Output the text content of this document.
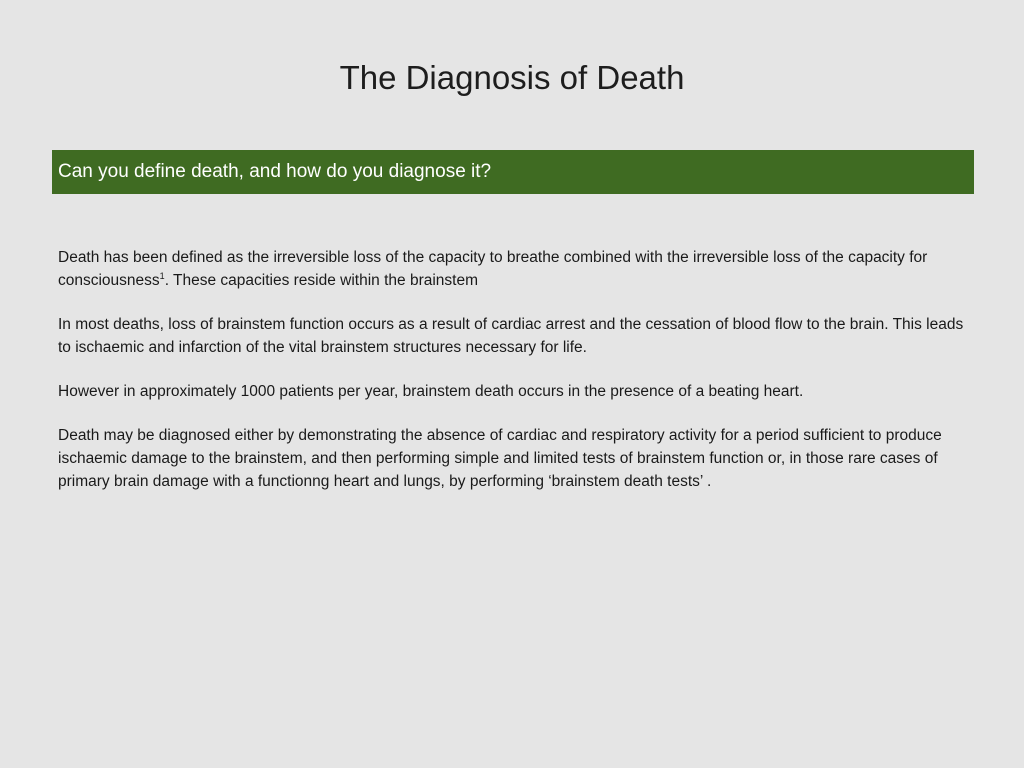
The Diagnosis of Death
Can you define death, and how do you diagnose it?

Death has been defined as the irreversible loss of the capacity to breathe combined with the irreversible loss of the capacity for consciousness$^1$. These capacities reside within the brainstem

In most deaths, loss of brainstem function occurs as a result of cardiac arrest and the cessation of blood flow to the brain. This leads to ischaemic and infarction of the vital brainstem structures necessary for life.

However in approximately 1000 patients per year, brainstem death occurs in the presence of a beating heart.

Death may be diagnosed either by demonstrating the absence of cardiac and respiratory activity for a period sufficient to produce ischaemic damage to the brainstem, and then performing simple and limited tests of brainstem function or, in those rare cases of primary brain damage with a functionng heart and lungs, by performing ‘brainstem death tests’ .
